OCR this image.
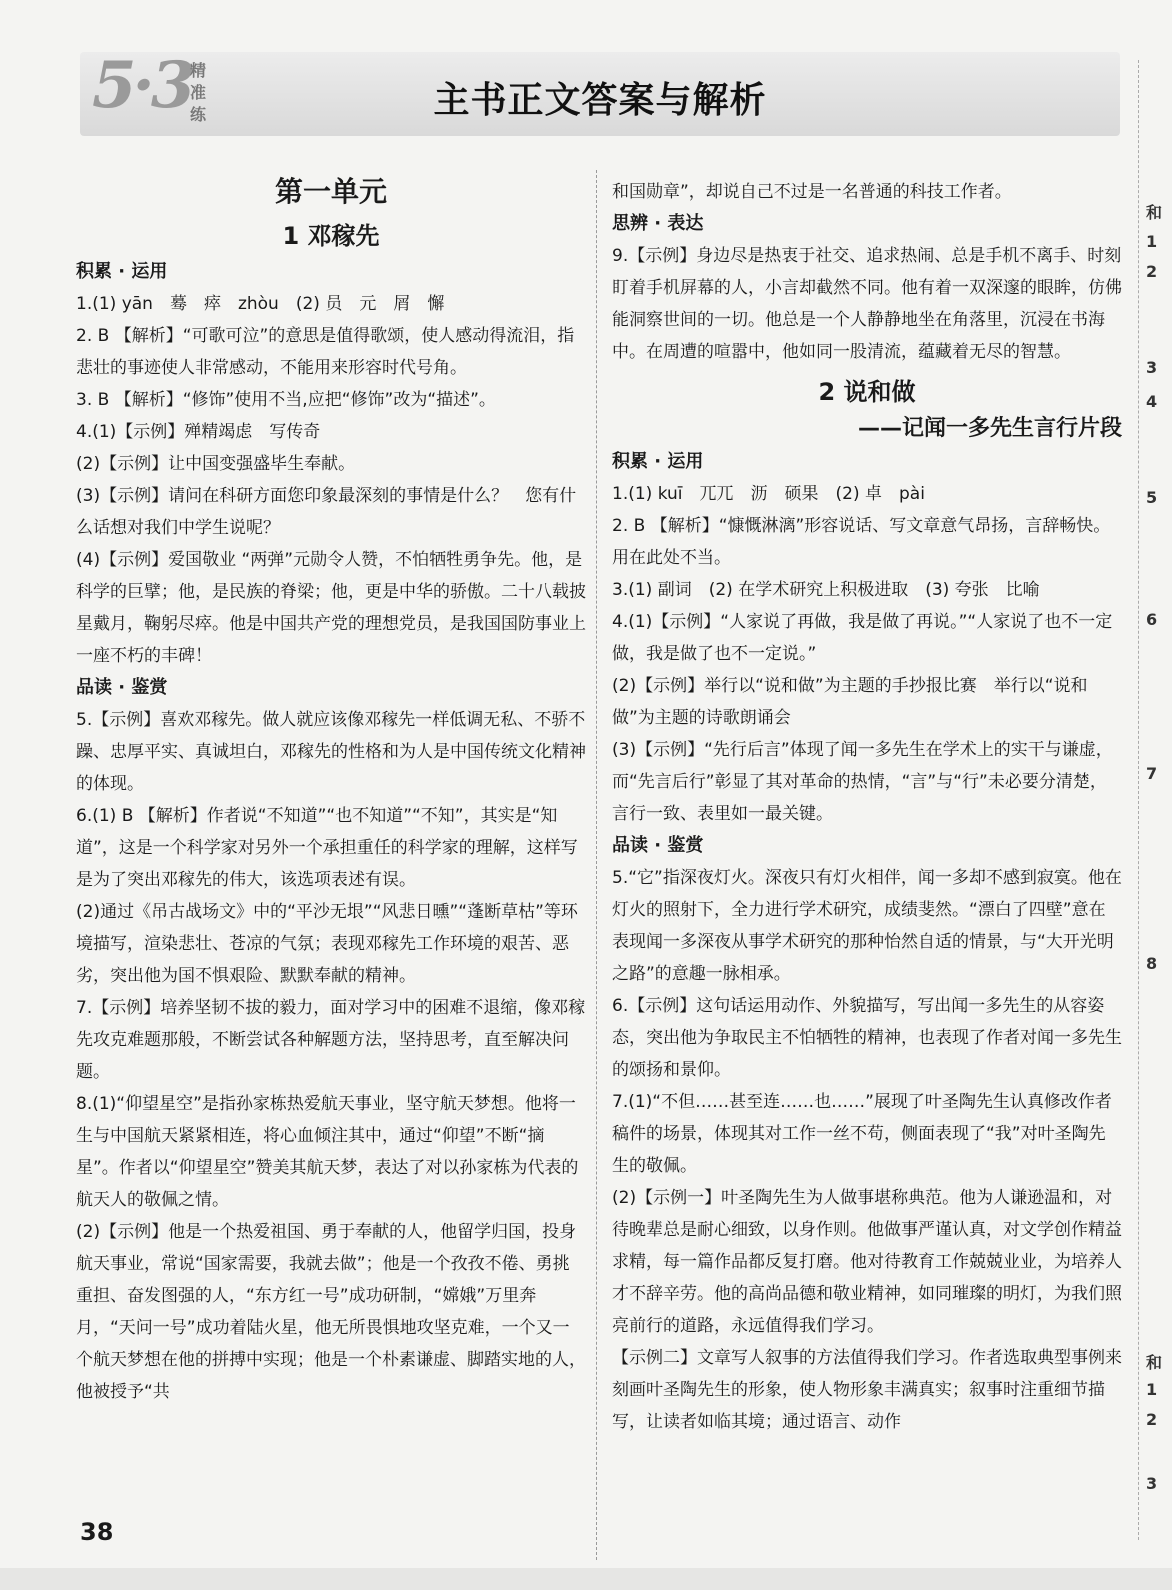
5·3
精
准
练	主书正文答案与解析
第一单元
1 邓稼先
积累 · 运用

1.(1) yān　蓦　瘁　zhòu　(2) 员　元　屑　懈

2. B 【解析】“可歌可泣”的意思是值得歌颂，使人感动得流泪，指悲壮的事迹使人非常感动，不能用来形容时代号角。

3. B 【解析】“修饰”使用不当,应把“修饰”改为“描述”。

4.(1)【示例】殚精竭虑　写传奇

(2)【示例】让中国变强盛毕生奉献。

(3)【示例】请问在科研方面您印象最深刻的事情是什么？　您有什么话想对我们中学生说呢？

(4)【示例】爱国敬业 “两弹”元勋令人赞，不怕牺牲勇争先。他，是科学的巨擘；他，是民族的脊梁；他，更是中华的骄傲。二十八载披星戴月，鞠躬尽瘁。他是中国共产党的理想党员，是我国国防事业上一座不朽的丰碑！

品读 · 鉴赏

5.【示例】喜欢邓稼先。做人就应该像邓稼先一样低调无私、不骄不躁、忠厚平实、真诚坦白，邓稼先的性格和为人是中国传统文化精神的体现。

6.(1) B 【解析】作者说“不知道”“也不知道”“不知”，其实是“知道”，这是一个科学家对另外一个承担重任的科学家的理解，这样写是为了突出邓稼先的伟大，该选项表述有误。

(2)通过《吊古战场文》中的“平沙无垠”“风悲日曛”“蓬断草枯”等环境描写，渲染悲壮、苍凉的气氛；表现邓稼先工作环境的艰苦、恶劣，突出他为国不惧艰险、默默奉献的精神。

7.【示例】培养坚韧不拔的毅力，面对学习中的困难不退缩，像邓稼先攻克难题那般，不断尝试各种解题方法，坚持思考，直至解决问题。

8.(1)“仰望星空”是指孙家栋热爱航天事业，坚守航天梦想。他将一生与中国航天紧紧相连，将心血倾注其中，通过“仰望”不断“摘星”。作者以“仰望星空”赞美其航天梦，表达了对以孙家栋为代表的航天人的敬佩之情。

(2)【示例】他是一个热爱祖国、勇于奉献的人，他留学归国，投身航天事业，常说“国家需要，我就去做”；他是一个孜孜不倦、勇挑重担、奋发图强的人，“东方红一号”成功研制，“嫦娥”万里奔月，“天问一号”成功着陆火星，他无所畏惧地攻坚克难，一个又一个航天梦想在他的拼搏中实现；他是一个朴素谦虚、脚踏实地的人，他被授予“共

和国勋章”，却说自己不过是一名普通的科技工作者。

思辨 · 表达

9.【示例】身边尽是热衷于社交、追求热闹、总是手机不离手、时刻盯着手机屏幕的人，小言却截然不同。他有着一双深邃的眼眸，仿佛能洞察世间的一切。他总是一个人静静地坐在角落里，沉浸在书海中。在周遭的喧嚣中，他如同一股清流，蕴藏着无尽的智慧。

2 说和做
——记闻一多先生言行片段
积累 · 运用

1.(1) kuī　兀兀　沥　硕果　(2) 卓　pài

2. B 【解析】“慷慨淋漓”形容说话、写文章意气昂扬，言辞畅快。用在此处不当。

3.(1) 副词　(2) 在学术研究上积极进取　(3) 夸张　比喻

4.(1)【示例】“人家说了再做，我是做了再说。”“人家说了也不一定做，我是做了也不一定说。”

(2)【示例】举行以“说和做”为主题的手抄报比赛　举行以“说和做”为主题的诗歌朗诵会

(3)【示例】“先行后言”体现了闻一多先生在学术上的实干与谦虚，而“先言后行”彰显了其对革命的热情，“言”与“行”未必要分清楚，言行一致、表里如一最关键。

品读 · 鉴赏

5.“它”指深夜灯火。深夜只有灯火相伴，闻一多却不感到寂寞。他在灯火的照射下，全力进行学术研究，成绩斐然。“漂白了四壁”意在表现闻一多深夜从事学术研究的那种怡然自适的情景，与“大开光明之路”的意趣一脉相承。

6.【示例】这句话运用动作、外貌描写，写出闻一多先生的从容姿态，突出他为争取民主不怕牺牲的精神，也表现了作者对闻一多先生的颂扬和景仰。

7.(1)“不但……甚至连……也……”展现了叶圣陶先生认真修改作者稿件的场景，体现其对工作一丝不苟，侧面表现了“我”对叶圣陶先生的敬佩。

(2)【示例一】叶圣陶先生为人做事堪称典范。他为人谦逊温和，对待晚辈总是耐心细致，以身作则。他做事严谨认真，对文学创作精益求精，每一篇作品都反复打磨。他对待教育工作兢兢业业，为培养人才不辞辛劳。他的高尚品德和敬业精神，如同璀璨的明灯，为我们照亮前行的道路，永远值得我们学习。

【示例二】文章写人叙事的方法值得我们学习。作者选取典型事例来刻画叶圣陶先生的形象，使人物形象丰满真实；叙事时注重细节描写，让读者如临其境；通过语言、动作

和
1
2
3
4
5
6
7
8
和
1
2
3
38
